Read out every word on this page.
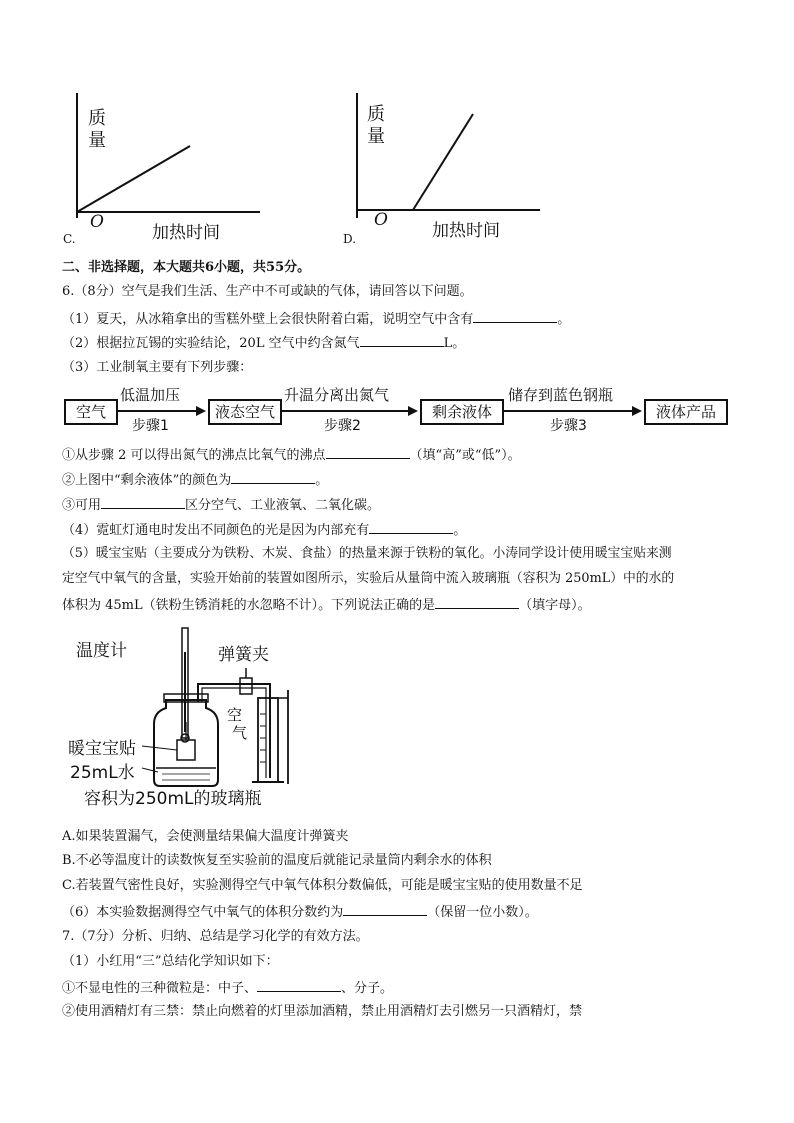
质
量
O
加热时间
C.
质
量
O
加热时间
D.
二、非选择题，本大题共6小题，共55分。
6.（8分）空气是我们生活、生产中不可或缺的气体，请回答以下问题。
（1）夏天，从冰箱拿出的雪糕外壁上会很快附着白霜，说明空气中含有	。
（2）根据拉瓦锡的实验结论，20L 空气中约含氮气	L。
（3）工业制氧主要有下列步骤：
空气
低温加压
步骤1
液态空气
升温分离出氮气
步骤2
剩余液体
储存到蓝色钢瓶
步骤3
液体产品
①从步骤 2 可以得出氮气的沸点比氧气的沸点	（填“高”或“低”）。
②上图中“剩余液体”的颜色为	。
③可用	区分空气、工业液氧、二氧化碳。
（4）霓虹灯通电时发出不同颜色的光是因为内部充有	。
（5）暖宝宝贴（主要成分为铁粉、木炭、食盐）的热量来源于铁粉的氧化。小涛同学设计使用暖宝宝贴来测
定空气中氧气的含量，实验开始前的装置如图所示，实验后从量筒中流入玻璃瓶（容积为 250mL）中的水的
体积为 45mL（铁粉生锈消耗的水忽略不计）。下列说法正确的是	（填字母）。
温度计	弹簧夹
空
气
暖宝宝贴
25mL水
容积为250mL的玻璃瓶
A.如果装置漏气，会使测量结果偏大温度计弹簧夹
B.不必等温度计的读数恢复至实验前的温度后就能记录量筒内剩余水的体积
C.若装置气密性良好，实验测得空气中氧气体积分数偏低，可能是暖宝宝贴的使用数量不足
（6）本实验数据测得空气中氧气的体积分数约为	（保留一位小数）。
7.（7分）分析、归纳、总结是学习化学的有效方法。
（1）小红用“三”总结化学知识如下：
①不显电性的三种微粒是：中子、	、分子。
②使用酒精灯有三禁：禁止向燃着的灯里添加酒精，禁止用酒精灯去引燃另一只酒精灯，禁
